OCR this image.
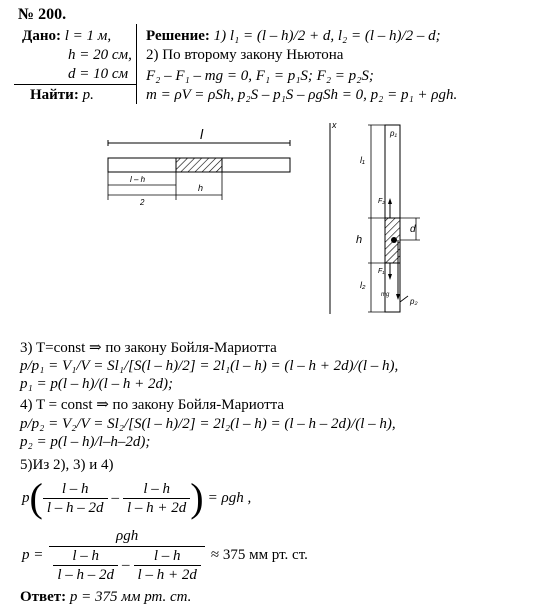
№ 200.
Дано: l = 1 м,
h = 20 см,
d = 10 см
Найти: p.
Решение: 1) l₁ = (l – h)/2 + d, l₂ = (l – h)/2 – d;
2) По второму закону Ньютона
F₂ – F₁ – mg = 0, F₁ = p₁S; F₂ = p₂S;
m = ρV = ρSh, p₂S – p₁S – ρgSh = 0, p₂ = p₁ + ρgh.
l
l – h
2
h
x
l₁
h
l₂
d
F₂
F₁
mg
p₁
p₂
3) T=const ⇒ по закону Бойля-Мариотта
p/p₁ = V₁/V = Sl₁/[S(l – h)/2] = 2l₁(l – h) = (l – h + 2d)/(l – h),
p₁ = p(l – h)/(l – h + 2d);
4) T = const ⇒ по закону Бойля-Мариотта
p/p₂ = V₂/V = Sl₂/[S(l – h)/2] = 2l₂(l – h) = (l – h – 2d)/(l – h),
p₂ = p(l – h)/l–h–2d);
5)Из 2), 3) и 4)
p ( $\frac{l - h}{l - h - 2d} - \frac{l - h}{l - h + 2d}$ ) = ρgh ,
p =
ρgh
$\frac{l - h}{l - h - 2d} - \frac{l - h}{l - h + 2d} \approx 375$ мм рт. ст.
Ответ: p = 375 мм рт. ст.
